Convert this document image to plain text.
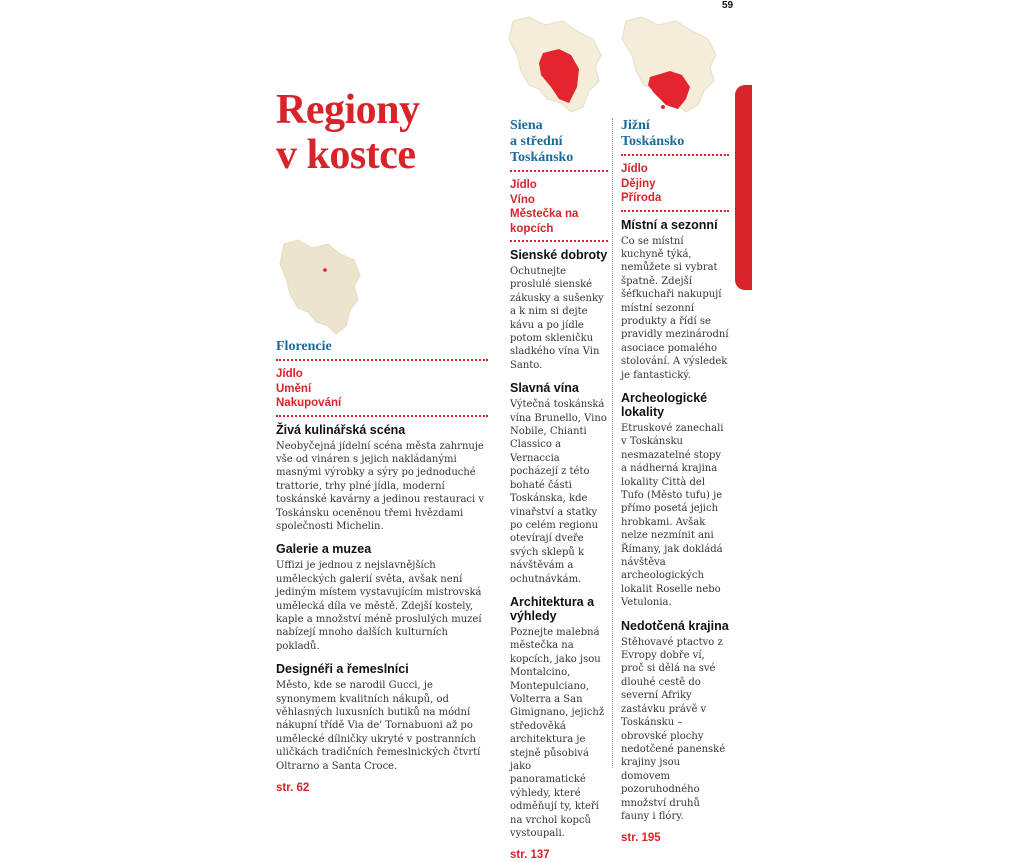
59
Regiony
v kostce
Florencie
Jídlo
Umění
Nakupování
Živá kulinářská scéna

Neobyčejná jídelní scéna města zahrnuje vše od vináren s jejich nakládanými masnými výrobky a sýry po jednoduché trattorie, trhy plné jídla, moderní toskánské kavárny a jedinou restauraci v Toskánsku oceněnou třemi hvězdami společnosti Michelin.

Galerie a muzea

Uffizi je jednou z nejslavnějších uměleckých galerií světa, avšak není jediným místem vystavujícím mistrovská umělecká díla ve městě. Zdejší kostely, kaple a množství méně proslulých muzeí nabízejí mnoho dalších kulturních pokladů.

Designéři a řemeslníci

Město, kde se narodil Gucci, je synonymem kvalitních nákupů, od věhlasných luxusních butiků na módní nákupní třídě Via de' Tornabuoni až po umělecké dílničky ukryté v postranních uličkách tradičních řemeslnických čtvrtí Oltrarno a Santa Croce.

str. 62
Siena
a střední
Toskánsko
Jídlo
Víno
Městečka na kopcích
Sienské dobroty

Ochutnejte proslulé sienské zákusky a sušenky a k nim si dejte kávu a po jídle potom skleničku sladkého vína Vin Santo.

Slavná vína

Výtečná toskánská vína Brunello, Vino Nobile, Chianti Classico a Vernaccia pocházejí z této bohaté části Toskánska, kde vinařství a statky po celém regionu otevírají dveře svých sklepů k návštěvám a ochutnávkám.

Architektura a výhledy

Poznejte malebná městečka na kopcích, jako jsou Montalcino, Montepulciano, Volterra a San Gimignano, jejichž středověká architektura je stejně působivá jako panoramatické výhledy, které odměňují ty, kteří na vrchol kopců vystoupali.

str. 137
Jižní
Toskánsko
Jídlo
Dějiny
Příroda
Místní a sezonní

Co se místní kuchyně týká, nemůžete si vybrat špatně. Zdejší šéfkuchaři nakupují místní sezonní produkty a řídí se pravidly mezinárodní asociace pomalého stolování. A výsledek je fantastický.

Archeologické lokality

Etruskové zanechali v Toskánsku nesmazatelné stopy a nádherná krajina lokality Città del Tufo (Město tufu) je přímo posetá jejich hrobkami. Avšak nelze nezmínit ani Římany, jak dokládá návštěva archeologických lokalit Roselle nebo Vetulonia.

Nedotčená krajina

Stěhovavé ptactvo z Evropy dobře ví, proč si dělá na své dlouhé cestě do severní Afriky zastávku právě v Toskánsku – obrovské plochy nedotčené panenské krajiny jsou domovem pozoruhodného množství druhů fauny i flóry.

str. 195
